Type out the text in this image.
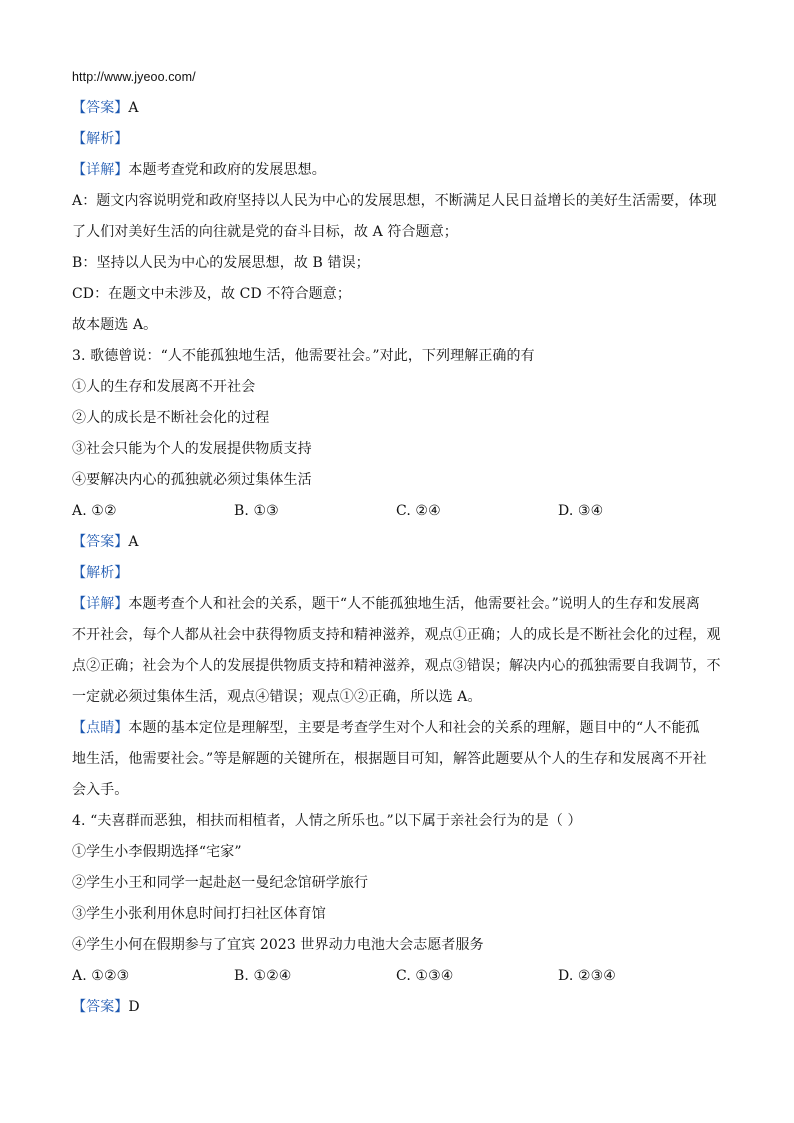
http://www.jyeoo.com/
【答案】A
【解析】
【详解】本题考查党和政府的发展思想。
A：题文内容说明党和政府坚持以人民为中心的发展思想，不断满足人民日益增长的美好生活需要，体现
了人们对美好生活的向往就是党的奋斗目标，故 A 符合题意；
B：坚持以人民为中心的发展思想，故 B 错误；
CD：在题文中未涉及，故 CD 不符合题意；
故本题选 A。
3. 歌德曾说：“人不能孤独地生活，他需要社会。”对此，下列理解正确的有
①人的生存和发展离不开社会
②人的成长是不断社会化的过程
③社会只能为个人的发展提供物质支持
④要解决内心的孤独就必须过集体生活
A. ①②	B. ①③	C. ②④	D. ③④
【答案】A
【解析】
【详解】本题考查个人和社会的关系，题干“人不能孤独地生活，他需要社会。”说明人的生存和发展离
不开社会，每个人都从社会中获得物质支持和精神滋养，观点①正确；人的成长是不断社会化的过程，观
点②正确；社会为个人的发展提供物质支持和精神滋养，观点③错误；解决内心的孤独需要自我调节，不
一定就必须过集体生活，观点④错误；观点①②正确，所以选 A。
【点睛】本题的基本定位是理解型，主要是考查学生对个人和社会的关系的理解，题目中的“人不能孤
地生活，他需要社会。”等是解题的关键所在，根据题目可知，解答此题要从个人的生存和发展离不开社
会入手。
4. “夫喜群而恶独，相扶而相植者，人情之所乐也。”以下属于亲社会行为的是（ ）
①学生小李假期选择“宅家”
②学生小王和同学一起赴赵一曼纪念馆研学旅行
③学生小张利用休息时间打扫社区体育馆
④学生小何在假期参与了宜宾 2023 世界动力电池大会志愿者服务
A. ①②③	B. ①②④	C. ①③④	D. ②③④
【答案】D
